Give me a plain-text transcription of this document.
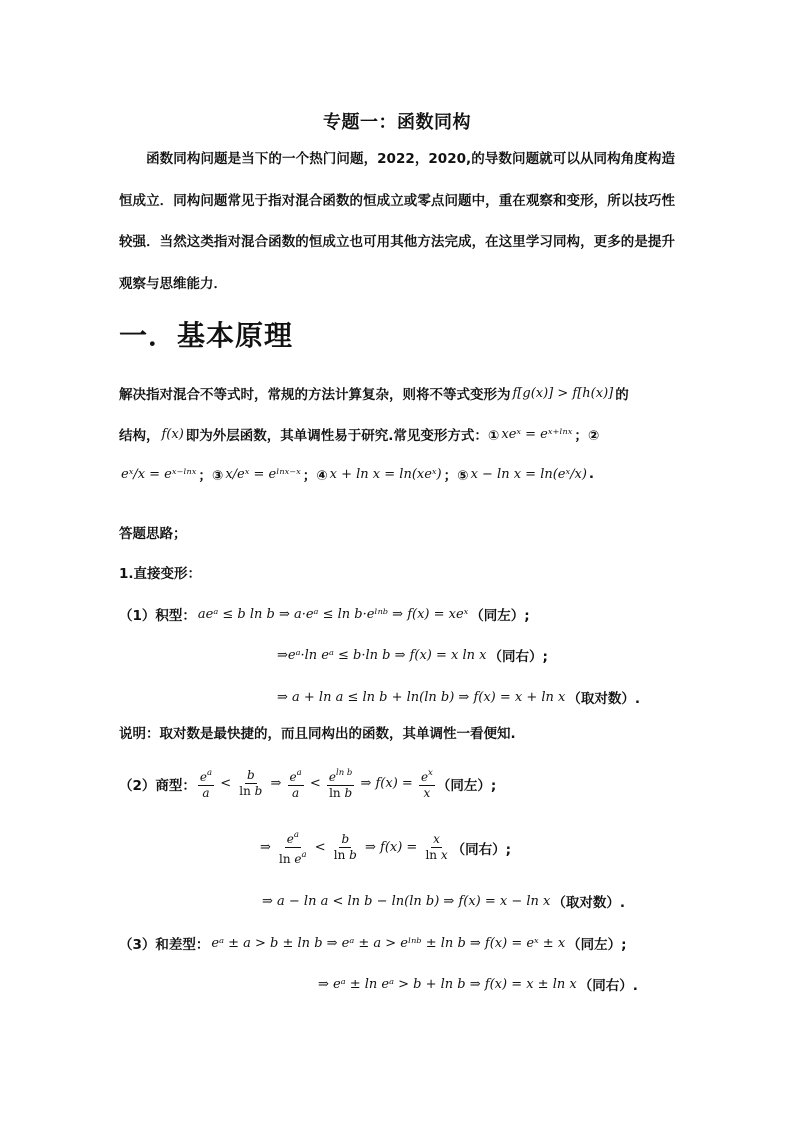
专题一：函数同构
函数同构问题是当下的一个热门问题，2022，2020,的导数问题就可以从同构角度构造恒成立．同构问题常见于指对混合函数的恒成立或零点问题中，重在观察和变形，所以技巧性较强．当然这类指对混合函数的恒成立也可用其他方法完成，在这里学习同构，更多的是提升观察与思维能力．
一．基本原理
解决指对混合不等式时，常规的方法计算复杂，则将不等式变形为 f[g(x)] > f[h(x)] 的
结构， f(x) 即为外层函数，其单调性易于研究.常见变形方式：① xeˣ = eˣ⁺ˡⁿˣ ；②
eˣ/x = eˣ⁻ˡⁿˣ ；③ x/eˣ = eˡⁿˣ⁻ˣ ；④ x + ln x = ln(xeˣ) ；⑤ x − ln x = ln(eˣ/x) .
答题思路；
1.直接变形：
（1）积型： aeᵃ ≤ b ln b ⇒ a·eᵃ ≤ ln b·eˡⁿᵇ ⇒ f(x) = xeˣ （同左）;
⇒eᵃ·ln eᵃ ≤ b·ln b ⇒ f(x) = x ln x （同右）;
⇒ a + ln a ≤ ln b + ln(ln b) ⇒ f(x) = x + ln x （取对数）.
说明：取对数是最快捷的，而且同构出的函数，其单调性一看便知.
（2）商型： $\frac{e^a}{a} < \frac{b}{\text{ln b}}$ ⇒ $\frac{e^a}{a} < \frac{e^{ln b}}{\text{ln b}}$ ⇒ $f(x) = \frac{e^x}{x}$ （同左）;
⇒ $\frac{e^a}{\ln e^a} < \frac{b}{\text{ln b}}$ ⇒ $f(x) = \frac{x}{\text{ln x}}$ （同右）;
⇒ a − ln a < ln b − ln(ln b) ⇒ f(x) = x − ln x （取对数）.
（3）和差型： eᵃ ± a > b ± ln b ⇒ eᵃ ± a > eˡⁿᵇ ± ln b ⇒ f(x) = eˣ ± x （同左）;
⇒ eᵃ ± ln eᵃ > b + ln b ⇒ f(x) = x ± ln x （同右）.
